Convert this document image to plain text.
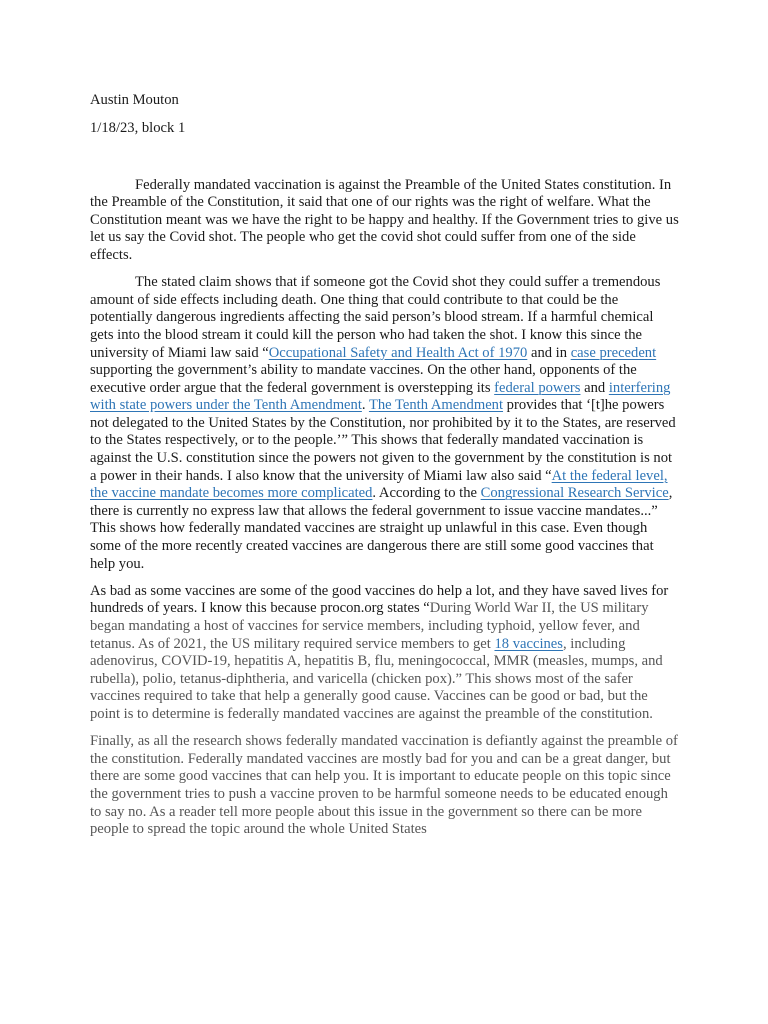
Austin Mouton
1/18/23, block 1

Federally mandated vaccination is against the Preamble of the United States constitution. In the Preamble of the Constitution, it said that one of our rights was the right of welfare. What the Constitution meant was we have the right to be happy and healthy. If the Government tries to give us let us say the Covid shot. The people who get the covid shot could suffer from one of the side effects.

The stated claim shows that if someone got the Covid shot they could suffer a tremendous amount of side effects including death. One thing that could contribute to that could be the potentially dangerous ingredients affecting the said person’s blood stream. If a harmful chemical gets into the blood stream it could kill the person who had taken the shot. I know this since the university of Miami law said “Occupational Safety and Health Act of 1970 and in case precedent supporting the government’s ability to mandate vaccines. On the other hand, opponents of the executive order argue that the federal government is overstepping its federal powers and interfering with state powers under the Tenth Amendment. The Tenth Amendment provides that ‘[t]he powers not delegated to the United States by the Constitution, nor prohibited by it to the States, are reserved to the States respectively, or to the people.’” This shows that federally mandated vaccination is against the U.S. constitution since the powers not given to the government by the constitution is not a power in their hands. I also know that the university of Miami law also said “At the federal level, the vaccine mandate becomes more complicated. According to the Congressional Research Service, there is currently no express law that allows the federal government to issue vaccine mandates...” This shows how federally mandated vaccines are straight up unlawful in this case. Even though some of the more recently created vaccines are dangerous there are still some good vaccines that help you.

As bad as some vaccines are some of the good vaccines do help a lot, and they have saved lives for hundreds of years. I know this because procon.org states “During World War II, the US military began mandating a host of vaccines for service members, including typhoid, yellow fever, and tetanus. As of 2021, the US military required service members to get 18 vaccines, including adenovirus, COVID-19, hepatitis A, hepatitis B, flu, meningococcal, MMR (measles, mumps, and rubella), polio, tetanus-diphtheria, and varicella (chicken pox).” This shows most of the safer vaccines required to take that help a generally good cause. Vaccines can be good or bad, but the point is to determine is federally mandated vaccines are against the preamble of the constitution.

Finally, as all the research shows federally mandated vaccination is defiantly against the preamble of the constitution. Federally mandated vaccines are mostly bad for you and can be a great danger, but there are some good vaccines that can help you. It is important to educate people on this topic since the government tries to push a vaccine proven to be harmful someone needs to be educated enough to say no. As a reader tell more people about this issue in the government so there can be more people to spread the topic around the whole United States
